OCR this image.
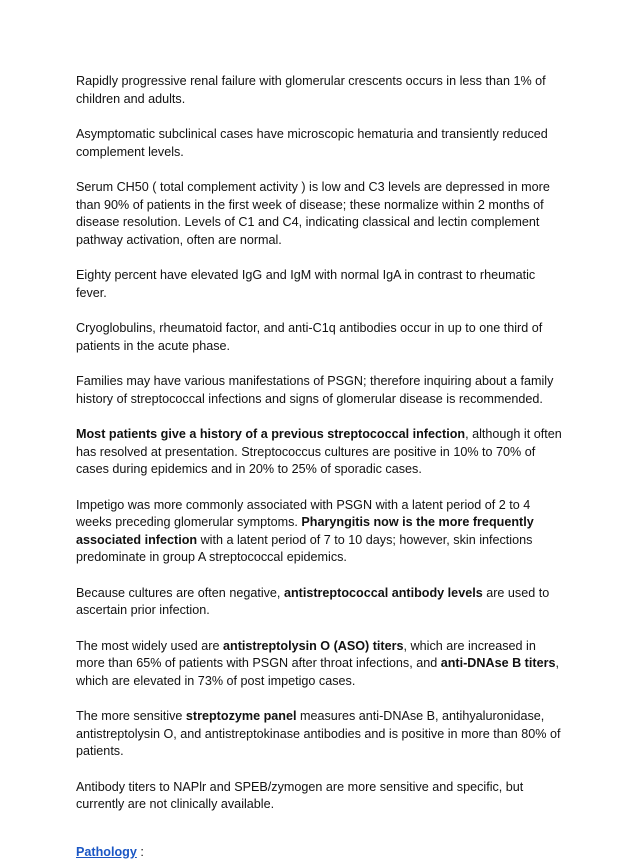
Rapidly progressive renal failure with glomerular crescents occurs in less than 1% of children and adults.

Asymptomatic subclinical cases have microscopic hematuria and transiently reduced complement levels.

Serum CH50 ( total complement activity ) is low and C3 levels are depressed in more than 90% of patients in the first week of disease; these normalize within 2 months of disease resolution. Levels of C1 and C4, indicating classical and lectin complement pathway activation, often are normal.

Eighty percent have elevated IgG and IgM with normal IgA in contrast to rheumatic fever.

Cryoglobulins, rheumatoid factor, and anti-C1q antibodies occur in up to one third of patients in the acute phase.

Families may have various manifestations of PSGN; therefore inquiring about a family history of streptococcal infections and signs of glomerular disease is recommended.

Most patients give a history of a previous streptococcal infection, although it often has resolved at presentation. Streptococcus cultures are positive in 10% to 70% of cases during epidemics and in 20% to 25% of sporadic cases.

Impetigo was more commonly associated with PSGN with a latent period of 2 to 4 weeks preceding glomerular symptoms. Pharyngitis now is the more frequently associated infection with a latent period of 7 to 10 days; however, skin infections predominate in group A streptococcal epidemics.

Because cultures are often negative, antistreptococcal antibody levels are used to ascertain prior infection.

The most widely used are antistreptolysin O (ASO) titers, which are increased in more than 65% of patients with PSGN after throat infections, and anti-DNAse B titers, which are elevated in 73% of post impetigo cases.

The more sensitive streptozyme panel measures anti-DNAse B, antihyaluronidase, antistreptolysin O, and antistreptokinase antibodies and is positive in more than 80% of patients.

Antibody titers to NAPlr and SPEB/zymogen are more sensitive and specific, but currently are not clinically available.

Pathology :
